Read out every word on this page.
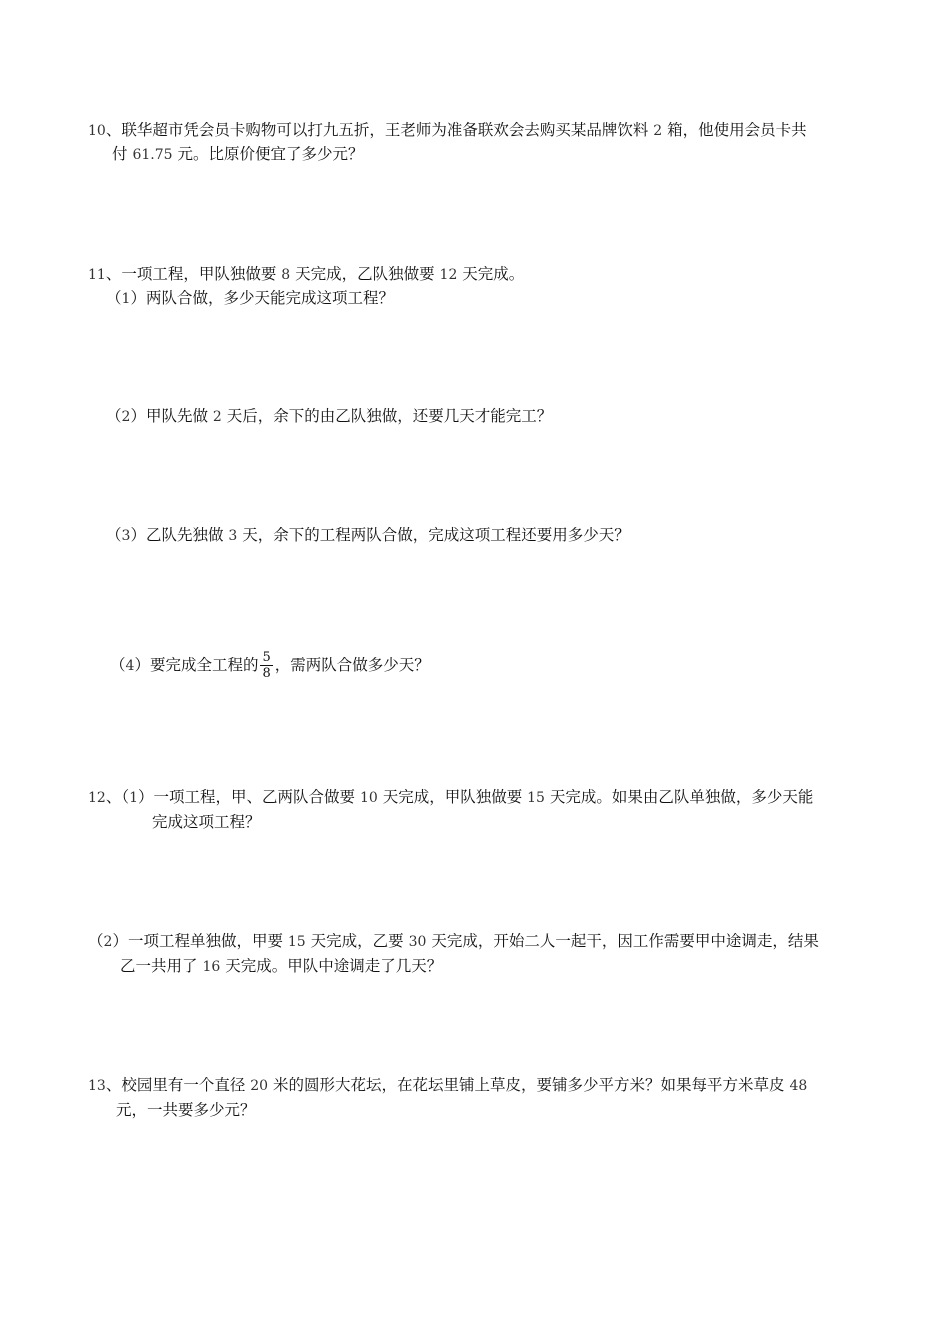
10、联华超市凭会员卡购物可以打九五折，王老师为准备联欢会去购买某品牌饮料 2 箱，他使用会员卡共
付 61.75 元。比原价便宜了多少元？
11、一项工程，甲队独做要 8 天完成，乙队独做要 12 天完成。
（1）两队合做，多少天能完成这项工程？
（2）甲队先做 2 天后，余下的由乙队独做，还要几天才能完工？
（3）乙队先独做 3 天，余下的工程两队合做，完成这项工程还要用多少天？
（4）要完成全工程的 $\frac{5}{8}$ ，需两队合做多少天？
12、（1）一项工程，甲、乙两队合做要 10 天完成，甲队独做要 15 天完成。如果由乙队单独做，多少天能
完成这项工程？
（2）一项工程单独做，甲要 15 天完成，乙要 30 天完成，开始二人一起干，因工作需要甲中途调走，结果
乙一共用了 16 天完成。甲队中途调走了几天？
13、校园里有一个直径 20 米的圆形大花坛，在花坛里铺上草皮，要铺多少平方米？如果每平方米草皮 48
元，一共要多少元？
